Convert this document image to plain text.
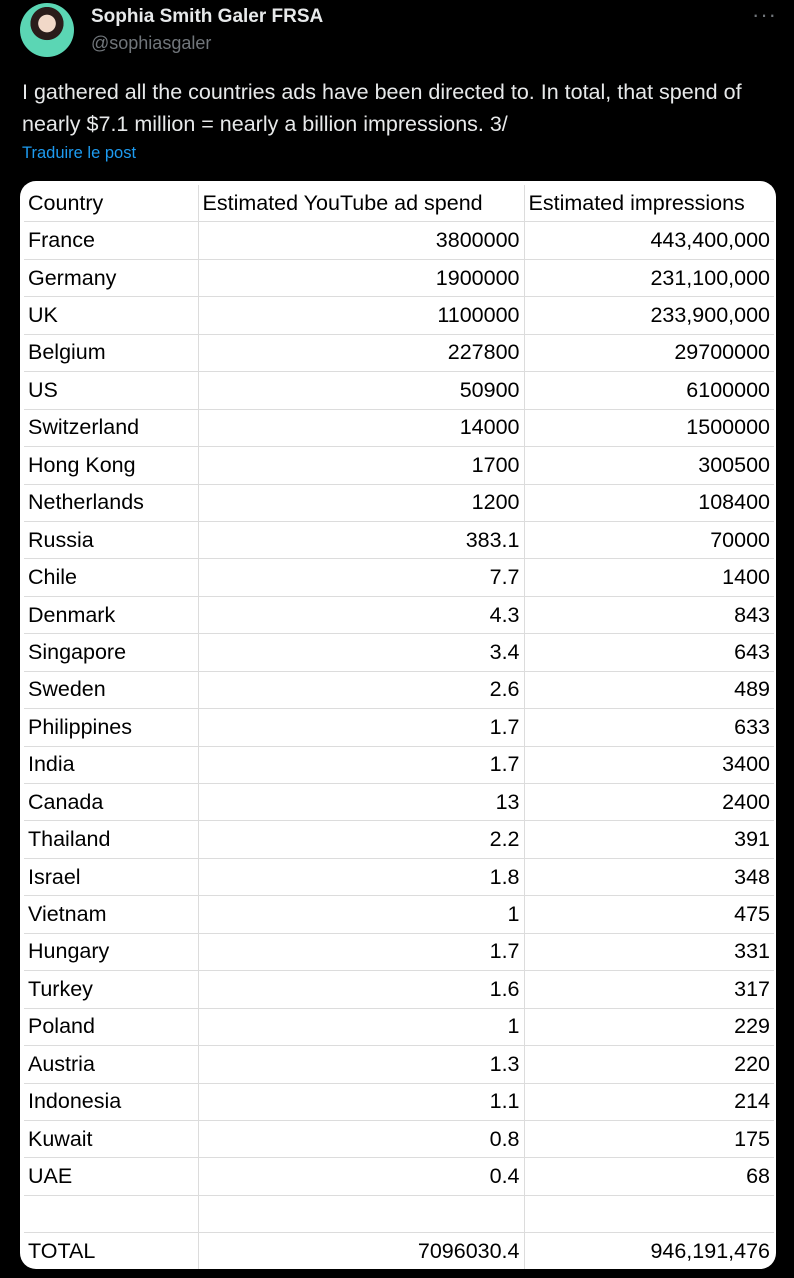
Sophia Smith Galer FRSA
@sophiasgaler
···
I gathered all the countries ads have been directed to. In total, that spend of nearly $7.1 million = nearly a billion impressions. 3/
Traduire le post
Country	Estimated YouTube ad spend	Estimated impressions
France	3800000	443,400,000
Germany	1900000	231,100,000
UK	1100000	233,900,000
Belgium	227800	29700000
US	50900	6100000
Switzerland	14000	1500000
Hong Kong	1700	300500
Netherlands	1200	108400
Russia	383.1	70000
Chile	7.7	1400
Denmark	4.3	843
Singapore	3.4	643
Sweden	2.6	489
Philippines	1.7	633
India	1.7	3400
Canada	13	2400
Thailand	2.2	391
Israel	1.8	348
Vietnam	1	475
Hungary	1.7	331
Turkey	1.6	317
Poland	1	229
Austria	1.3	220
Indonesia	1.1	214
Kuwait	0.8	175
UAE	0.4	68

TOTAL	7096030.4	946,191,476
